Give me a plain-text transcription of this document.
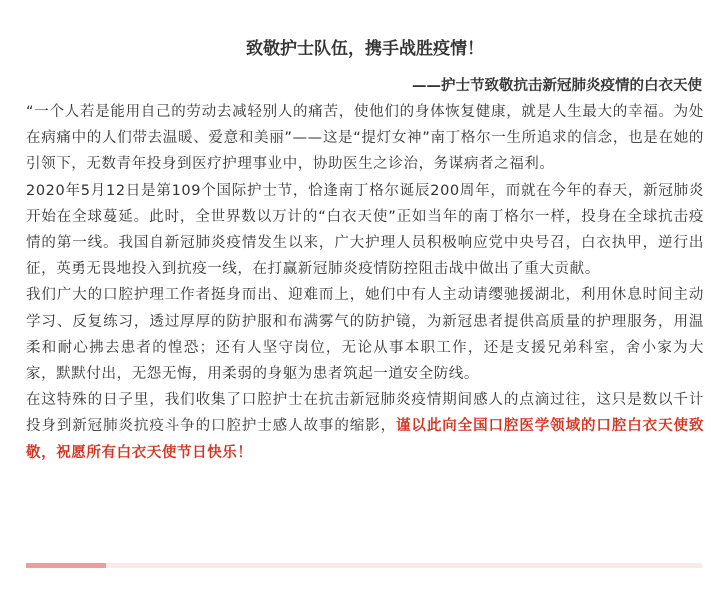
致敬护士队伍，携手战胜疫情！
——护士节致敬抗击新冠肺炎疫情的白衣天使

“一个人若是能用自己的劳动去减轻别人的痛苦，使他们的身体恢复健康，就是人生最大的幸福。为处在病痛中的人们带去温暖、爱意和美丽”——这是“提灯女神”南丁格尔一生所追求的信念，也是在她的引领下，无数青年投身到医疗护理事业中，协助医生之诊治，务谋病者之福利。

2020年5月12日是第109个国际护士节，恰逢南丁格尔诞辰200周年，而就在今年的春天，新冠肺炎开始在全球蔓延。此时，全世界数以万计的“白衣天使”正如当年的南丁格尔一样，投身在全球抗击疫情的第一线。我国自新冠肺炎疫情发生以来，广大护理人员积极响应党中央号召，白衣执甲，逆行出征，英勇无畏地投入到抗疫一线，在打赢新冠肺炎疫情防控阻击战中做出了重大贡献。

我们广大的口腔护理工作者挺身而出、迎难而上，她们中有人主动请缨驰援湖北，利用休息时间主动学习、反复练习，透过厚厚的防护服和布满雾气的防护镜，为新冠患者提供高质量的护理服务，用温柔和耐心拂去患者的惶恐；还有人坚守岗位，无论从事本职工作，还是支援兄弟科室，舍小家为大家，默默付出，无怨无悔，用柔弱的身躯为患者筑起一道安全防线。

在这特殊的日子里，我们收集了口腔护士在抗击新冠肺炎疫情期间感人的点滴过往，这只是数以千计投身到新冠肺炎抗疫斗争的口腔护士感人故事的缩影，谨以此向全国口腔医学领域的口腔白衣天使致敬，祝愿所有白衣天使节日快乐！
